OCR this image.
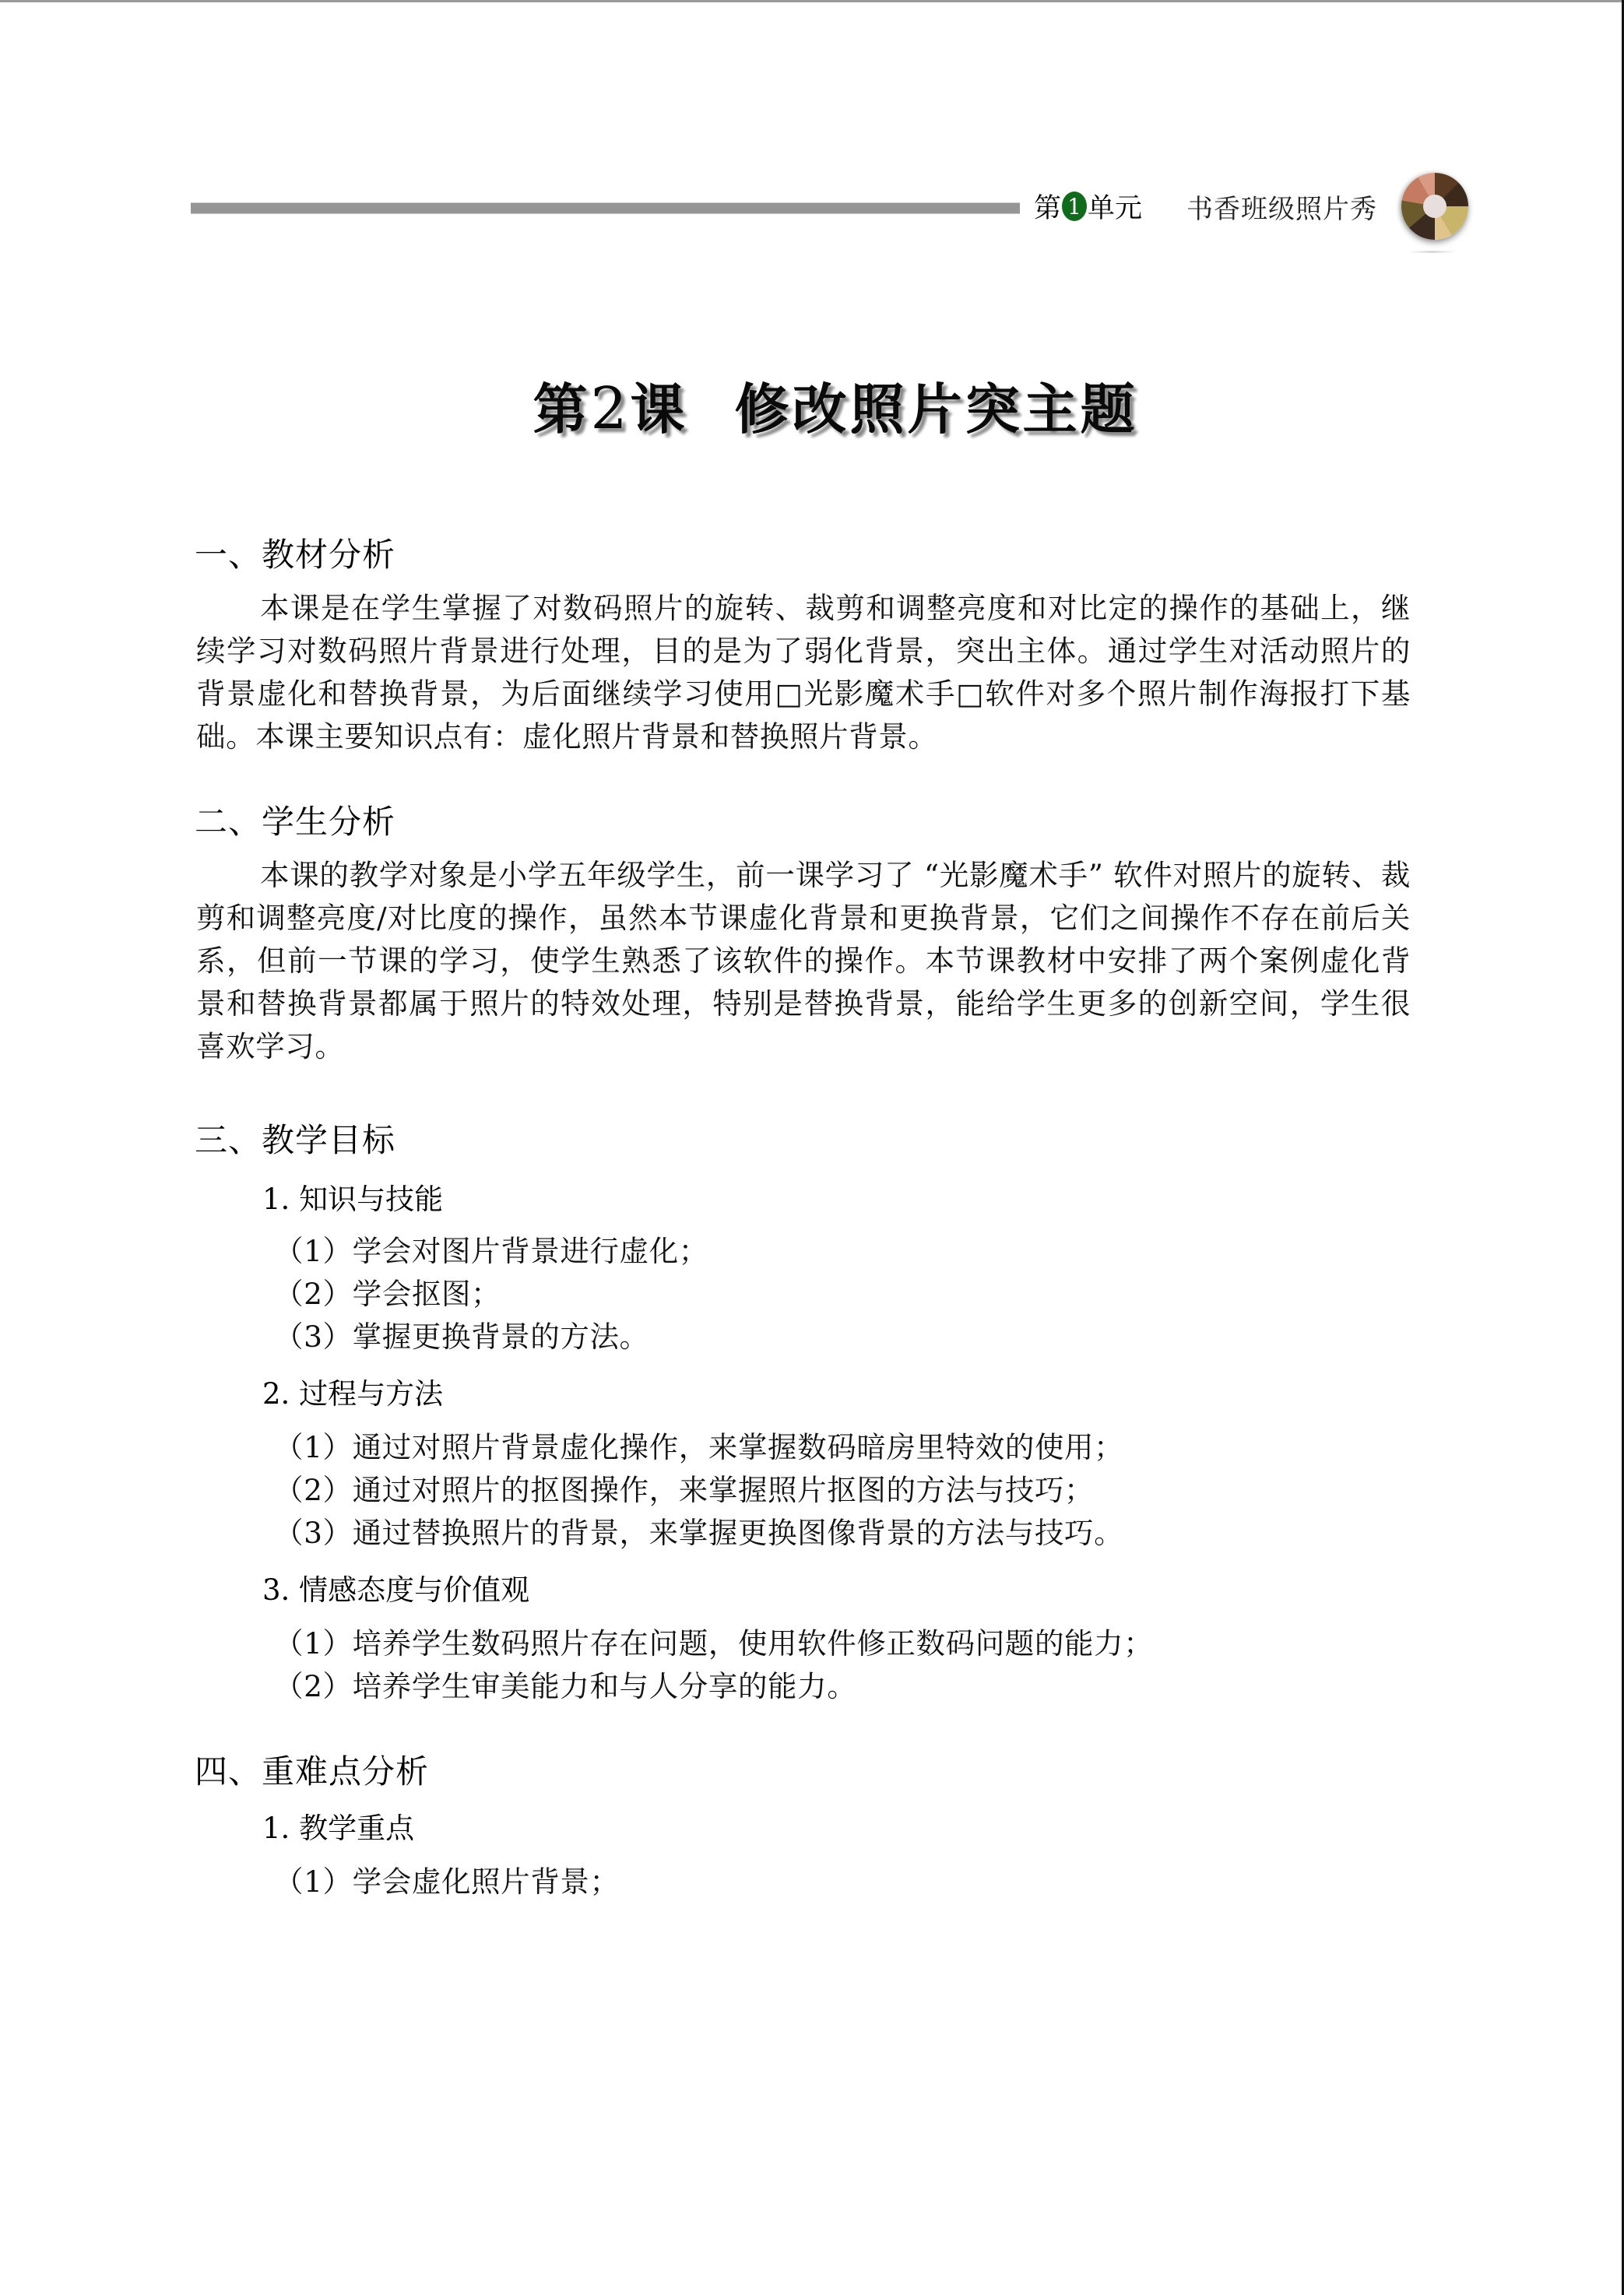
第 1 单元 书香班级照片秀
第2课 修改照片突主题
一、教材分析

本课是在学生掌握了对数码照片的旋转、裁剪和调整亮度和对比定的操作的基础上，继续学习对数码照片背景进行处理，目的是为了弱化背景，突出主体。通过学生对活动照片的背景虚化和替换背景，为后面继续学习使用□光影魔术手□软件对多个照片制作海报打下基础。本课主要知识点有：虚化照片背景和替换照片背景。

二、学生分析

本课的教学对象是小学五年级学生，前一课学习了 “光影魔术手” 软件对照片的旋转、裁剪和调整亮度/对比度的操作，虽然本节课虚化背景和更换背景，它们之间操作不存在前后关系，但前一节课的学习，使学生熟悉了该软件的操作。本节课教材中安排了两个案例虚化背景和替换背景都属于照片的特效处理，特别是替换背景，能给学生更多的创新空间，学生很喜欢学习。

三、教学目标
1. 知识与技能
（1）学会对图片背景进行虚化；
（2）学会抠图；
（3）掌握更换背景的方法。
2. 过程与方法
（1）通过对照片背景虚化操作，来掌握数码暗房里特效的使用；
（2）通过对照片的抠图操作，来掌握照片抠图的方法与技巧；
（3）通过替换照片的背景，来掌握更换图像背景的方法与技巧。
3. 情感态度与价值观
（1）培养学生数码照片存在问题，使用软件修正数码问题的能力；
（2）培养学生审美能力和与人分享的能力。
四、重难点分析
1. 教学重点
（1）学会虚化照片背景；
